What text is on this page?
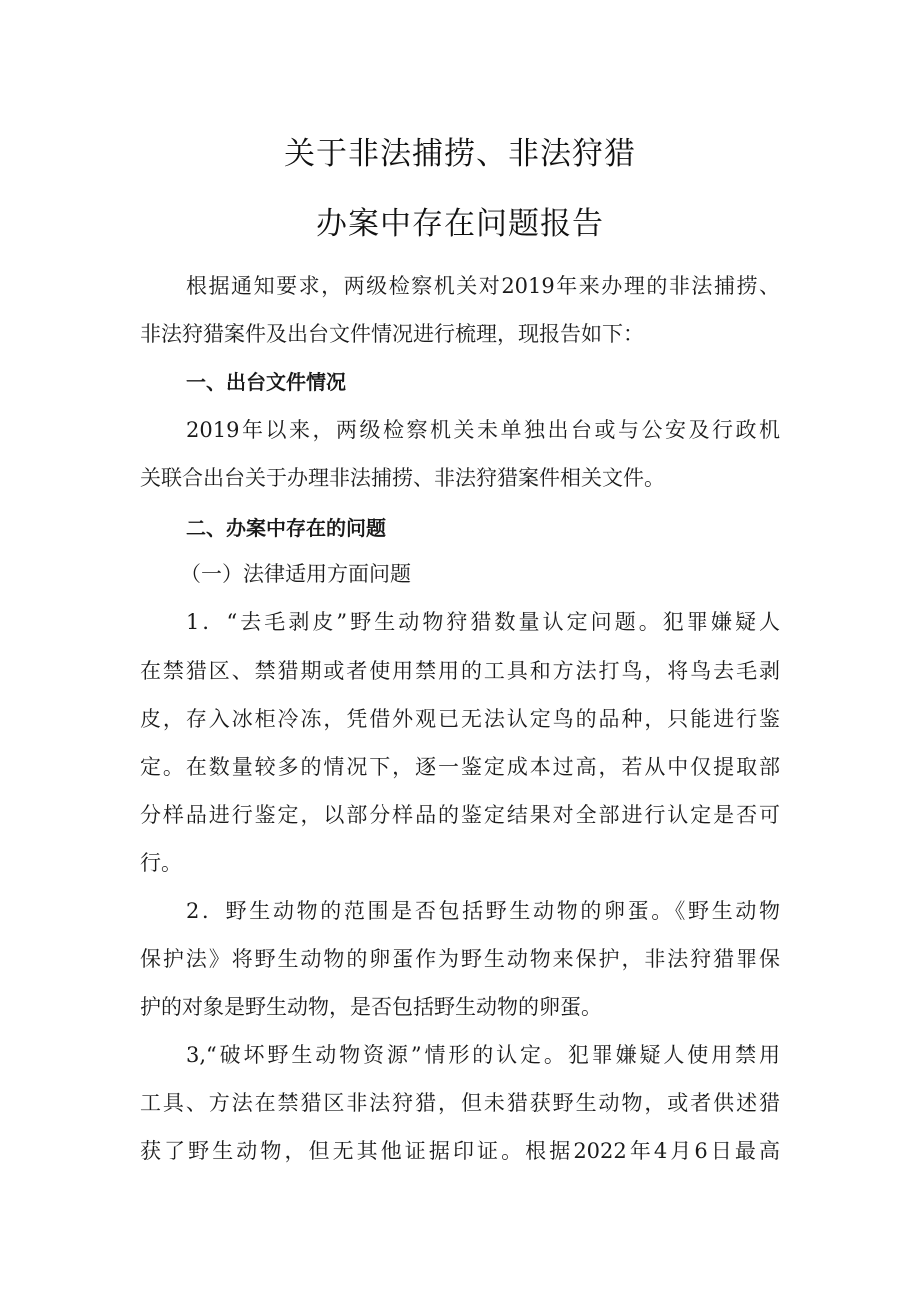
关于非法捕捞、非法狩猎
办案中存在问题报告
根据通知要求，两级检察机关对2019年来办理的非法捕捞、
非法狩猎案件及出台文件情况进行梳理，现报告如下：
一、出台文件情况
2019年以来，两级检察机关未单独出台或与公安及行政机
关联合出台关于办理非法捕捞、非法狩猎案件相关文件。
二、办案中存在的问题
（一）法律适用方面问题
1．“去毛剥皮”野生动物狩猎数量认定问题。犯罪嫌疑人
在禁猎区、禁猎期或者使用禁用的工具和方法打鸟，将鸟去毛剥
皮，存入冰柜冷冻，凭借外观已无法认定鸟的品种，只能进行鉴
定。在数量较多的情况下，逐一鉴定成本过高，若从中仅提取部
分样品进行鉴定，以部分样品的鉴定结果对全部进行认定是否可
行。
2．野生动物的范围是否包括野生动物的卵蛋。《野生动物
保护法》将野生动物的卵蛋作为野生动物来保护，非法狩猎罪保
护的对象是野生动物，是否包括野生动物的卵蛋。
3,“破坏野生动物资源”情形的认定。犯罪嫌疑人使用禁用
工具、方法在禁猎区非法狩猎，但未猎获野生动物，或者供述猎
获了野生动物，但无其他证据印证。根据2022年4月6日最高
